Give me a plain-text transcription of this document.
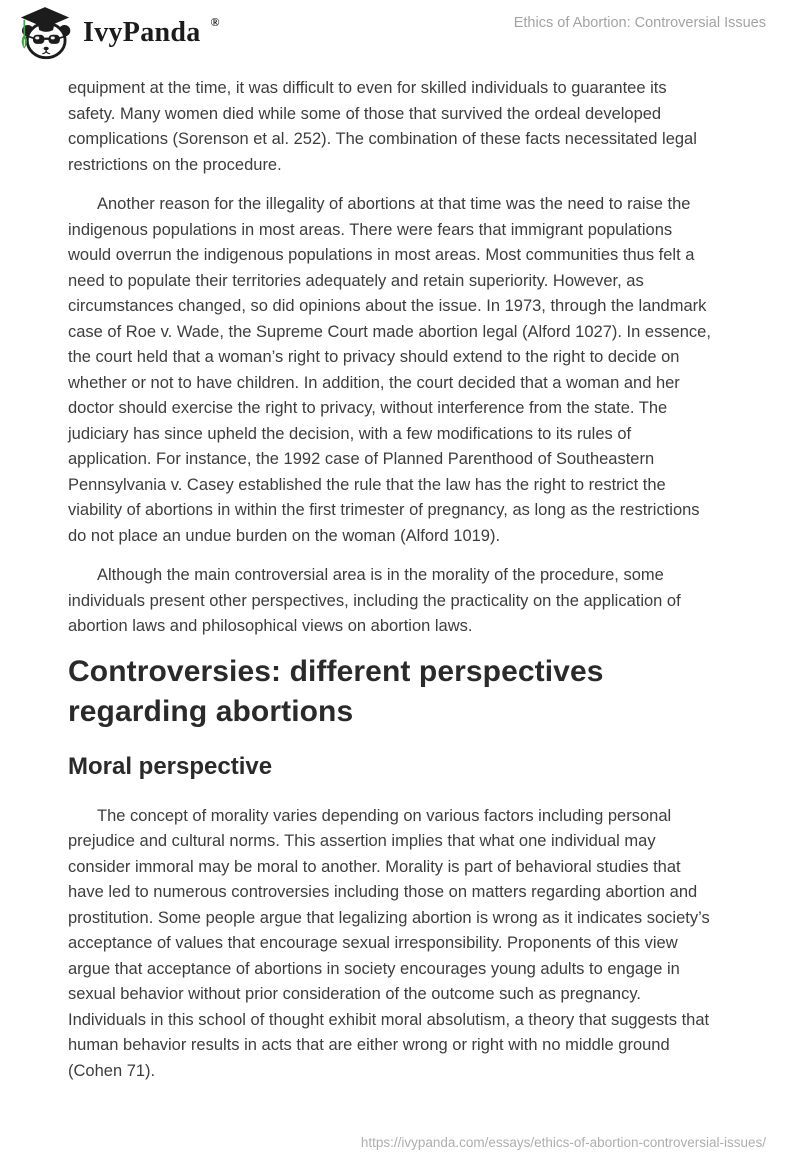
IvyPanda ®	Ethics of Abortion: Controversial Issues

equipment at the time, it was difficult to even for skilled individuals to guarantee its safety. Many women died while some of those that survived the ordeal developed complications (Sorenson et al. 252). The combination of these facts necessitated legal restrictions on the procedure.

Another reason for the illegality of abortions at that time was the need to raise the indigenous populations in most areas. There were fears that immigrant populations would overrun the indigenous populations in most areas. Most communities thus felt a need to populate their territories adequately and retain superiority. However, as circumstances changed, so did opinions about the issue. In 1973, through the landmark case of Roe v. Wade, the Supreme Court made abortion legal (Alford 1027). In essence, the court held that a woman’s right to privacy should extend to the right to decide on whether or not to have children. In addition, the court decided that a woman and her doctor should exercise the right to privacy, without interference from the state. The judiciary has since upheld the decision, with a few modifications to its rules of application. For instance, the 1992 case of Planned Parenthood of Southeastern Pennsylvania v. Casey established the rule that the law has the right to restrict the viability of abortions in within the first trimester of pregnancy, as long as the restrictions do not place an undue burden on the woman (Alford 1019).

Although the main controversial area is in the morality of the procedure, some individuals present other perspectives, including the practicality on the application of abortion laws and philosophical views on abortion laws.

Controversies: different perspectives regarding abortions
Moral perspective

The concept of morality varies depending on various factors including personal prejudice and cultural norms. This assertion implies that what one individual may consider immoral may be moral to another. Morality is part of behavioral studies that have led to numerous controversies including those on matters regarding abortion and prostitution. Some people argue that legalizing abortion is wrong as it indicates society’s acceptance of values that encourage sexual irresponsibility. Proponents of this view argue that acceptance of abortions in society encourages young adults to engage in sexual behavior without prior consideration of the outcome such as pregnancy. Individuals in this school of thought exhibit moral absolutism, a theory that suggests that human behavior results in acts that are either wrong or right with no middle ground (Cohen 71).

https://ivypanda.com/essays/ethics-of-abortion-controversial-issues/
